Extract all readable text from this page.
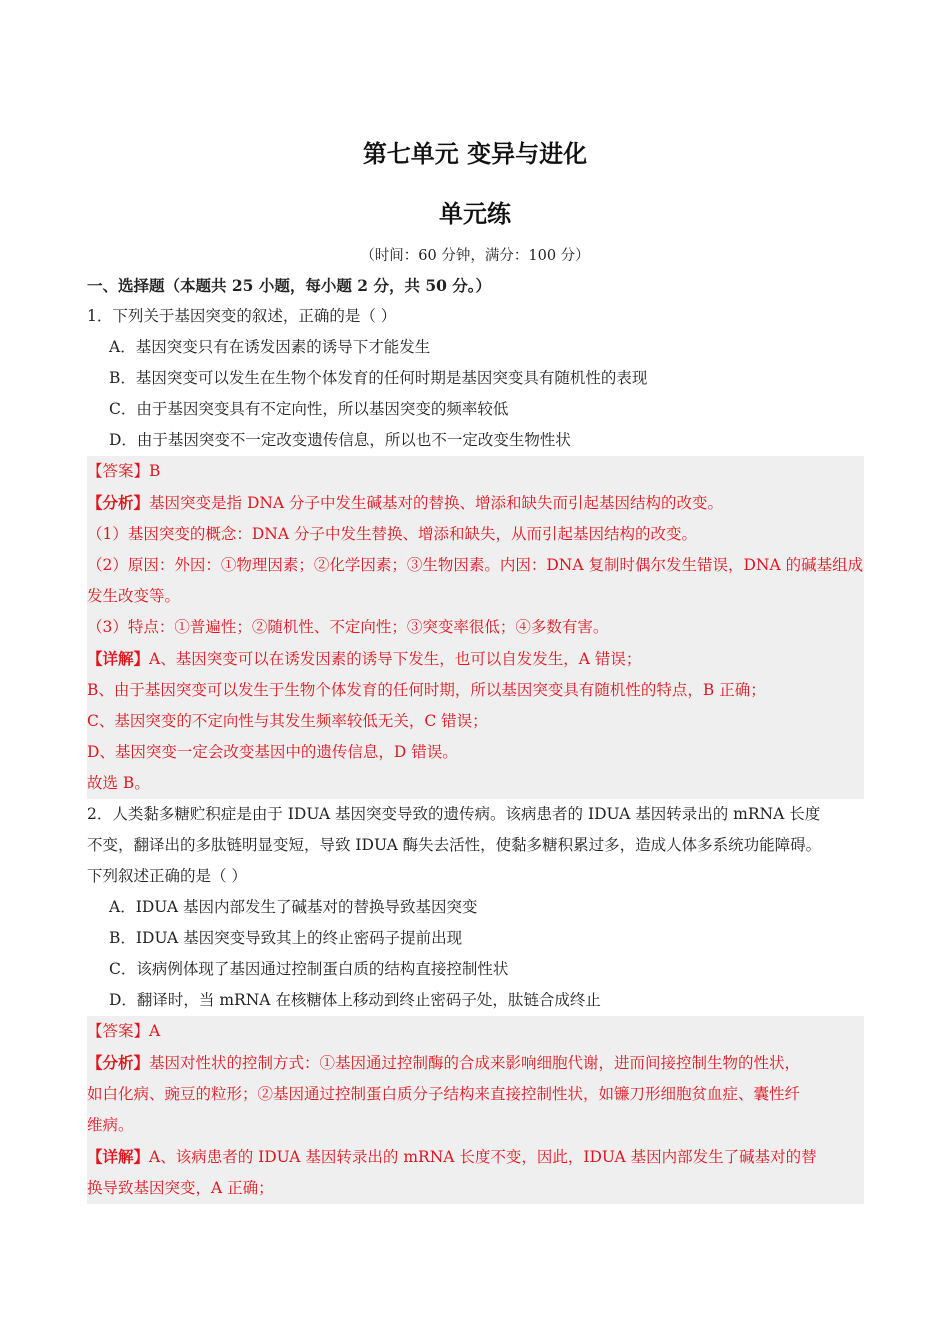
第七单元 变异与进化
单元练
（时间：60 分钟，满分：100 分）
一、选择题（本题共 25 小题，每小题 2 分，共 50 分。）
1．下列关于基因突变的叙述，正确的是（ ）
A．基因突变只有在诱发因素的诱导下才能发生
B．基因突变可以发生在生物个体发育的任何时期是基因突变具有随机性的表现
C．由于基因突变具有不定向性，所以基因突变的频率较低
D．由于基因突变不一定改变遗传信息，所以也不一定改变生物性状
【答案】B
【分析】基因突变是指 DNA 分子中发生碱基对的替换、增添和缺失而引起基因结构的改变。
（1）基因突变的概念：DNA 分子中发生替换、增添和缺失，从而引起基因结构的改变。
（2）原因：外因：①物理因素；②化学因素；③生物因素。内因：DNA 复制时偶尔发生错误，DNA 的碱基组成发生改变等。
（3）特点：①普遍性；②随机性、不定向性；③突变率很低；④多数有害。
【详解】A、基因突变可以在诱发因素的诱导下发生，也可以自发发生，A 错误；
B、由于基因突变可以发生于生物个体发育的任何时期，所以基因突变具有随机性的特点，B 正确；
C、基因突变的不定向性与其发生频率较低无关，C 错误；
D、基因突变一定会改变基因中的遗传信息，D 错误。
故选 B。
2．人类黏多糖贮积症是由于 IDUA 基因突变导致的遗传病。该病患者的 IDUA 基因转录出的 mRNA 长度
不变，翻译出的多肽链明显变短，导致 IDUA 酶失去活性，使黏多糖积累过多，造成人体多系统功能障碍。
下列叙述正确的是（ ）
A．IDUA 基因内部发生了碱基对的替换导致基因突变
B．IDUA 基因突变导致其上的终止密码子提前出现
C．该病例体现了基因通过控制蛋白质的结构直接控制性状
D．翻译时，当 mRNA 在核糖体上移动到终止密码子处，肽链合成终止
【答案】A
【分析】基因对性状的控制方式：①基因通过控制酶的合成来影响细胞代谢，进而间接控制生物的性状，
如白化病、豌豆的粒形；②基因通过控制蛋白质分子结构来直接控制性状，如镰刀形细胞贫血症、囊性纤
维病。
【详解】A、该病患者的 IDUA 基因转录出的 mRNA 长度不变，因此，IDUA 基因内部发生了碱基对的替
换导致基因突变，A 正确；
